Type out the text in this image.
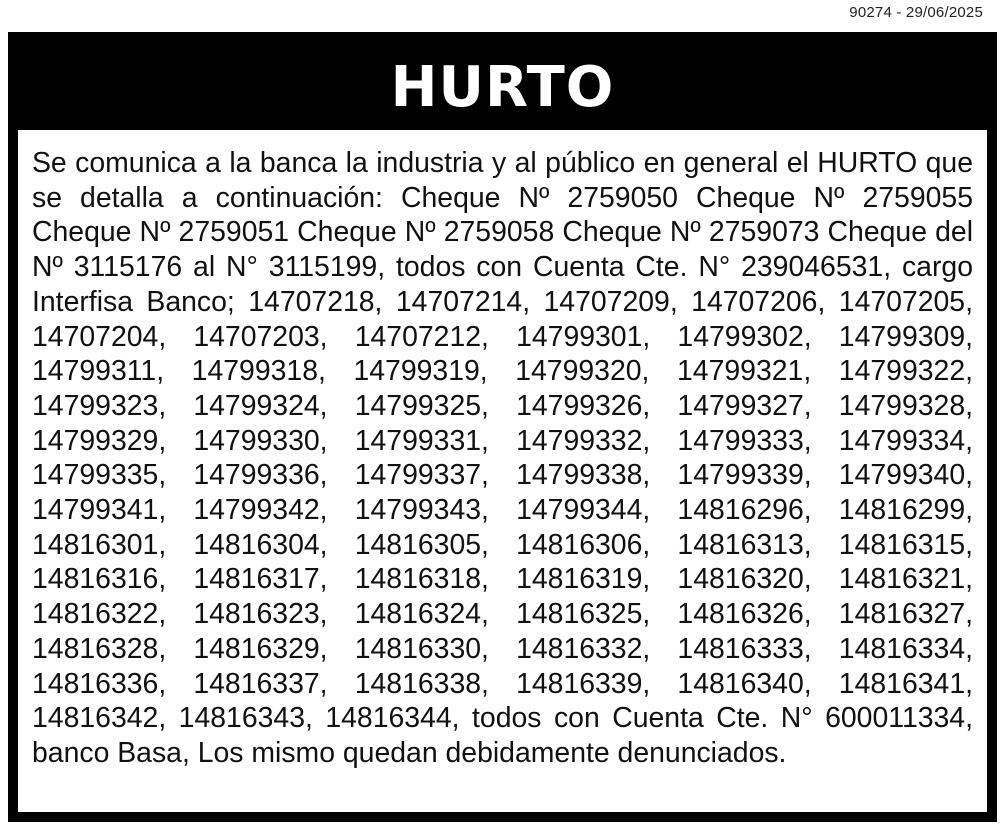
90274 - 29/06/2025
HURTO

Se comunica a la banca la industria y al público en general el HURTO que se detalla a continuación: Cheque Nº 2759050 Cheque Nº 2759055 Cheque Nº 2759051 Cheque Nº 2759058 Cheque Nº 2759073 Cheque del Nº 3115176 al N° 3115199, todos con Cuenta Cte. N° 239046531, cargo Interfisa Banco; 14707218, 14707214, 14707209, 14707206, 14707205, 14707204, 14707203, 14707212, 14799301, 14799302, 14799309, 14799311, 14799318, 14799319, 14799320, 14799321, 14799322, 14799323, 14799324, 14799325, 14799326, 14799327, 14799328, 14799329, 14799330, 14799331, 14799332, 14799333, 14799334, 14799335, 14799336, 14799337, 14799338, 14799339, 14799340, 14799341, 14799342, 14799343, 14799344, 14816296, 14816299, 14816301, 14816304, 14816305, 14816306, 14816313, 14816315, 14816316, 14816317, 14816318, 14816319, 14816320, 14816321, 14816322, 14816323, 14816324, 14816325, 14816326, 14816327, 14816328, 14816329, 14816330, 14816332, 14816333, 14816334, 14816336, 14816337, 14816338, 14816339, 14816340, 14816341, 14816342, 14816343, 14816344, todos con Cuenta Cte. N° 600011334, banco Basa, Los mismo quedan debidamente denunciados.
